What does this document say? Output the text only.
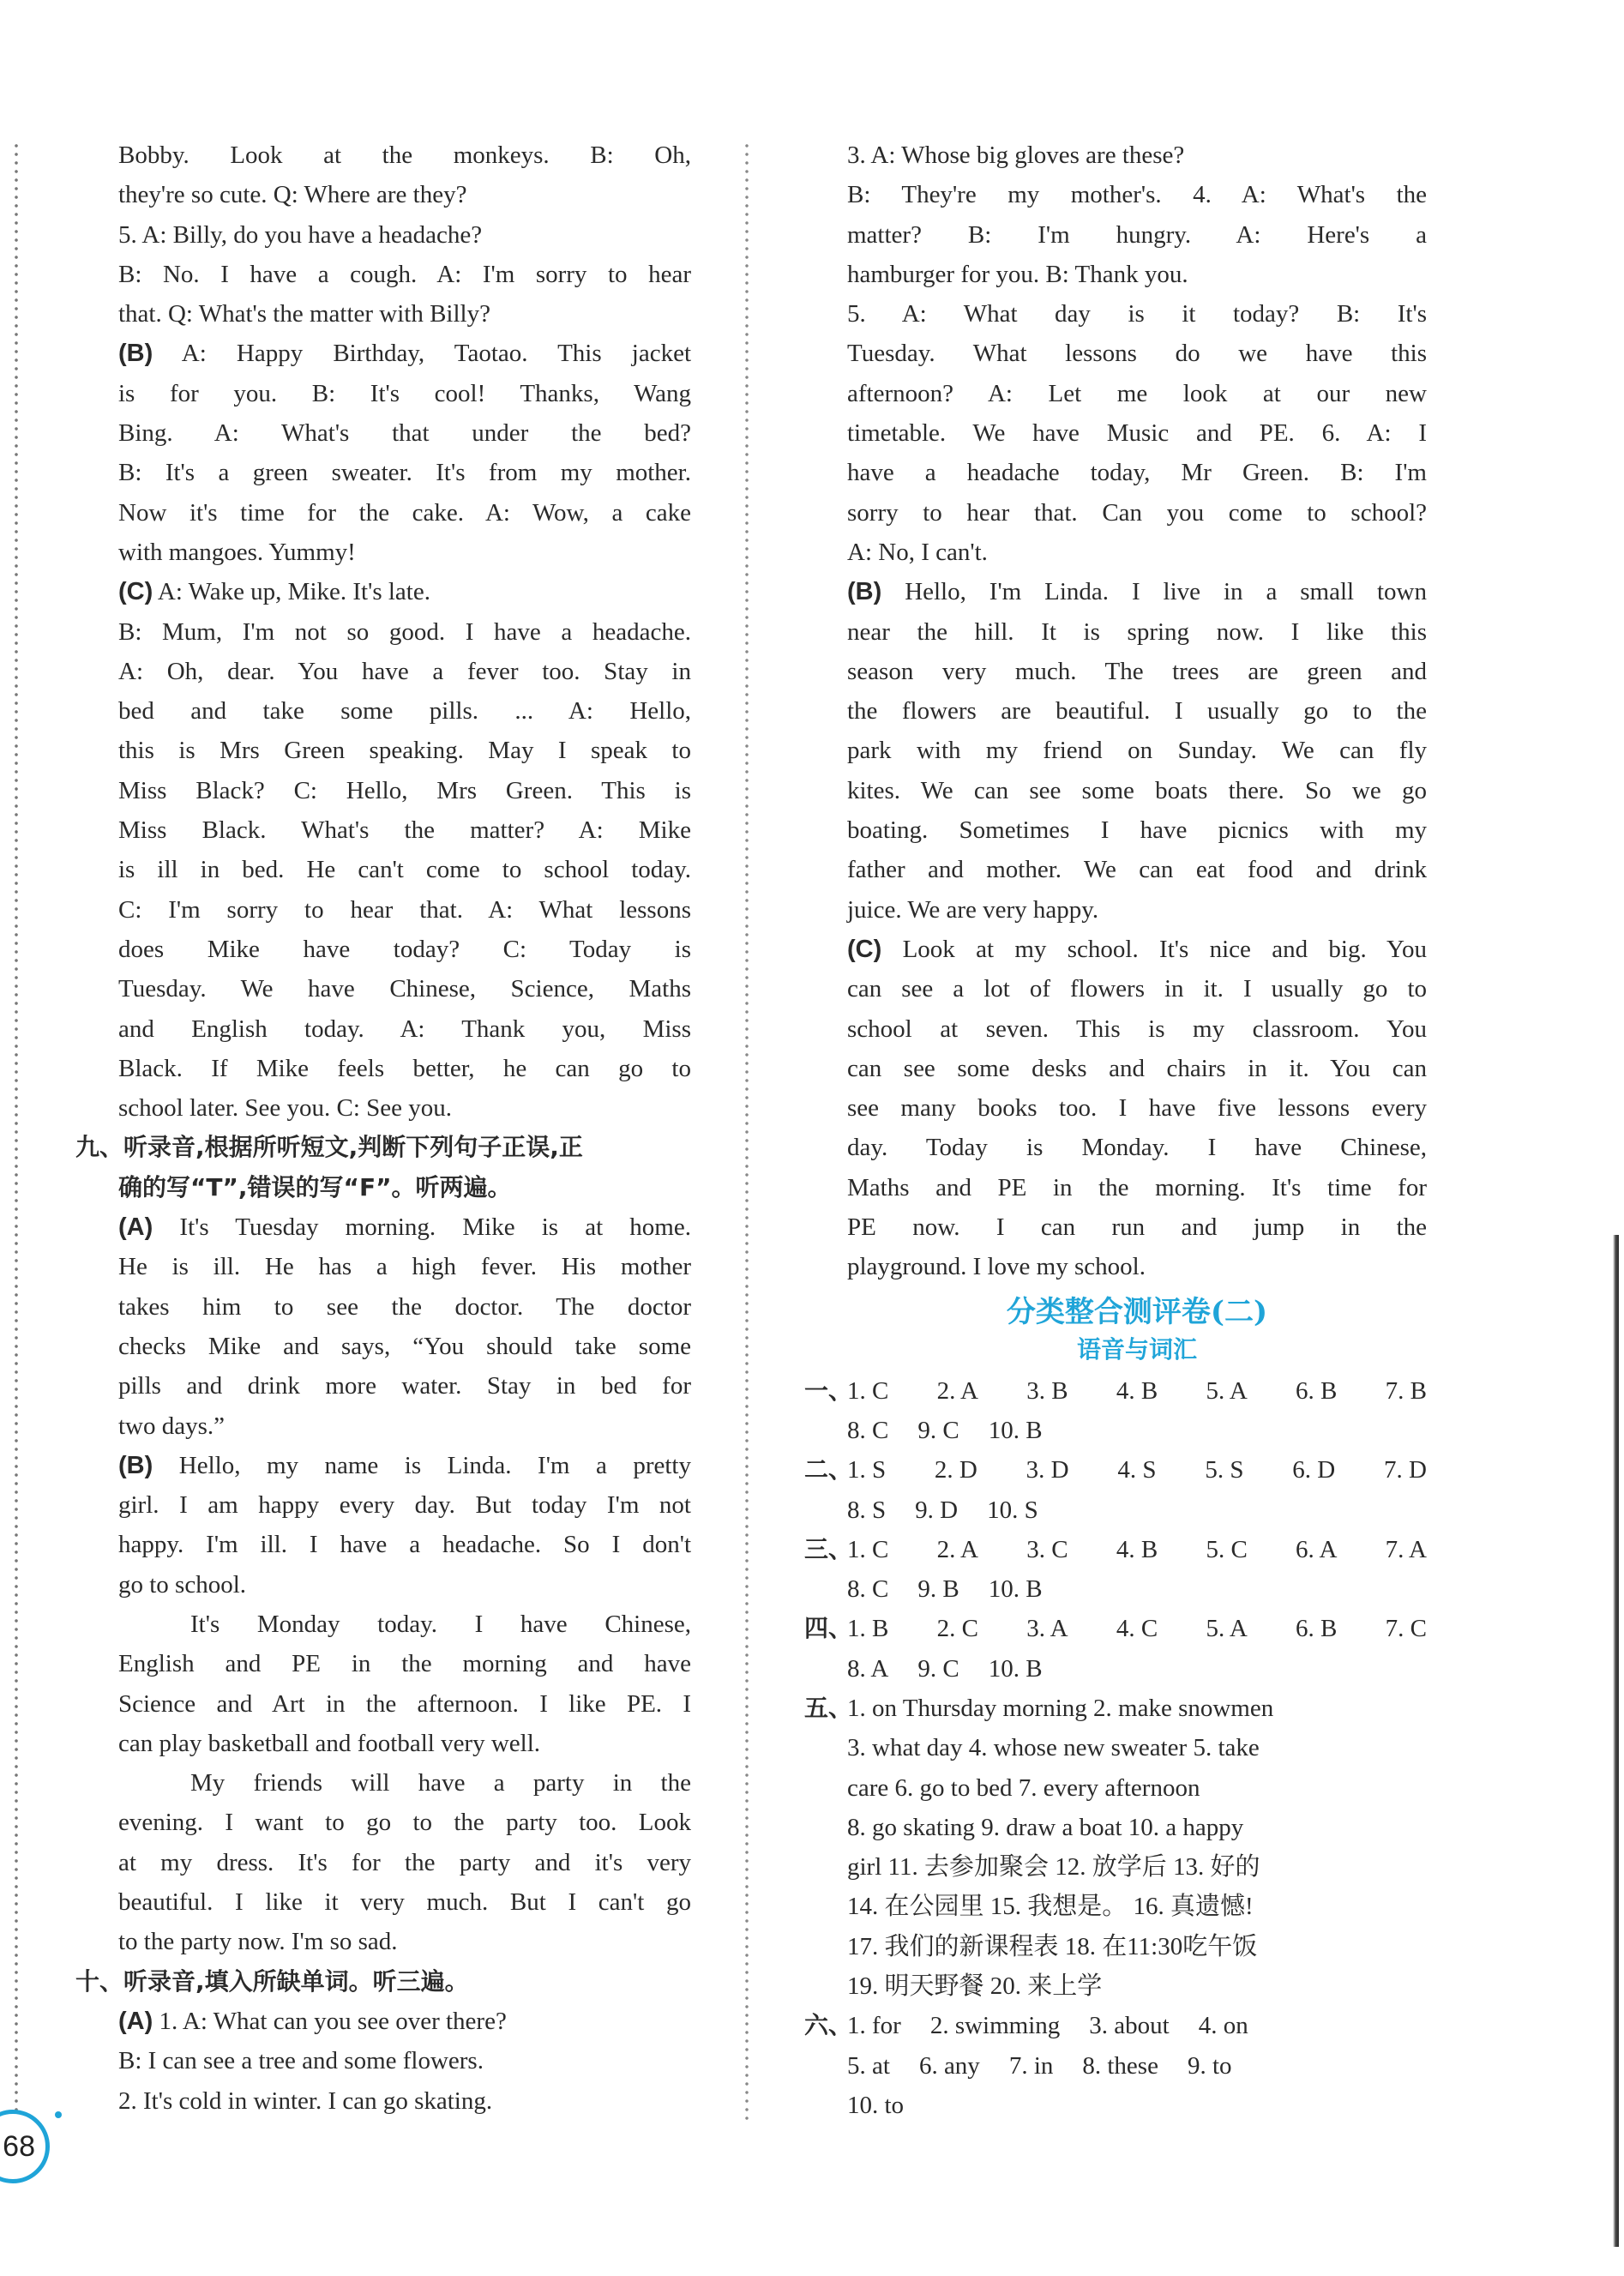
Bobby. Look at the monkeys. B: Oh,
they're so cute. Q: Where are they?
5. A: Billy, do you have a headache?
B: No. I have a cough. A: I'm sorry to hear
that. Q: What's the matter with Billy?
(B) A: Happy Birthday, Taotao. This jacket
is for you. B: It's cool! Thanks, Wang
Bing. A: What's that under the bed?
B: It's a green sweater. It's from my mother.
Now it's time for the cake. A: Wow, a cake
with mangoes. Yummy!
(C) A: Wake up, Mike. It's late.
B: Mum, I'm not so good. I have a headache.
A: Oh, dear. You have a fever too. Stay in
bed and take some pills. ... A: Hello,
this is Mrs Green speaking. May I speak to
Miss Black? C: Hello, Mrs Green. This is
Miss Black. What's the matter? A: Mike
is ill in bed. He can't come to school today.
C: I'm sorry to hear that. A: What lessons
does Mike have today? C: Today is
Tuesday. We have Chinese, Science, Maths
and English today. A: Thank you, Miss
Black. If Mike feels better, he can go to
school later. See you. C: See you.
九、听录音,根据所听短文,判断下列句子正误,正
确的写“T”,错误的写“F”。听两遍。
(A) It's Tuesday morning. Mike is at home.
He is ill. He has a high fever. His mother
takes him to see the doctor. The doctor
checks Mike and says, “You should take some
pills and drink more water. Stay in bed for
two days.”
(B) Hello, my name is Linda. I'm a pretty
girl. I am happy every day. But today I'm not
happy. I'm ill. I have a headache. So I don't
go to school.
It's Monday today. I have Chinese,
English and PE in the morning and have
Science and Art in the afternoon. I like PE. I
can play basketball and football very well.
My friends will have a party in the
evening. I want to go to the party too. Look
at my dress. It's for the party and it's very
beautiful. I like it very much. But I can't go
to the party now. I'm so sad.
十、听录音,填入所缺单词。听三遍。
(A) 1. A: What can you see over there?
B: I can see a tree and some flowers.
2. It's cold in winter. I can go skating.
3. A: Whose big gloves are these?
B: They're my mother's. 4. A: What's the
matter? B: I'm hungry. A: Here's a
hamburger for you. B: Thank you.
5. A: What day is it today? B: It's
Tuesday. What lessons do we have this
afternoon? A: Let me look at our new
timetable. We have Music and PE. 6. A: I
have a headache today, Mr Green. B: I'm
sorry to hear that. Can you come to school?
A: No, I can't.
(B) Hello, I'm Linda. I live in a small town
near the hill. It is spring now. I like this
season very much. The trees are green and
the flowers are beautiful. I usually go to the
park with my friend on Sunday. We can fly
kites. We can see some boats there. So we go
boating. Sometimes I have picnics with my
father and mother. We can eat food and drink
juice. We are very happy.
(C) Look at my school. It's nice and big. You
can see a lot of flowers in it. I usually go to
school at seven. This is my classroom. You
can see some desks and chairs in it. You can
see many books too. I have five lessons every
day. Today is Monday. I have Chinese,
Maths and PE in the morning. It's time for
PE now. I can run and jump in the
playground. I love my school.
分类整合测评卷(二)
语音与词汇
一、
1. C 2. A 3. B 4. B 5. A 6. B 7. B
8. C 9. C 10. B
二、
1. S 2. D 3. D 4. S 5. S 6. D 7. D
8. S 9. D 10. S
三、
1. C 2. A 3. C 4. B 5. C 6. A 7. A
8. C 9. B 10. B
四、
1. B 2. C 3. A 4. C 5. A 6. B 7. C
8. A 9. C 10. B
五、
1. on Thursday morning 2. make snowmen
3. what day 4. whose new sweater 5. take
care 6. go to bed 7. every afternoon
8. go skating 9. draw a boat 10. a happy
girl 11. 去参加聚会 12. 放学后 13. 好的
14. 在公园里 15. 我想是。 16. 真遗憾!
17. 我们的新课程表 18. 在11:30吃午饭
19. 明天野餐 20. 来上学
六、
1. for 2. swimming 3. about 4. on
5. at 6. any 7. in 8. these 9. to
10. to
68
